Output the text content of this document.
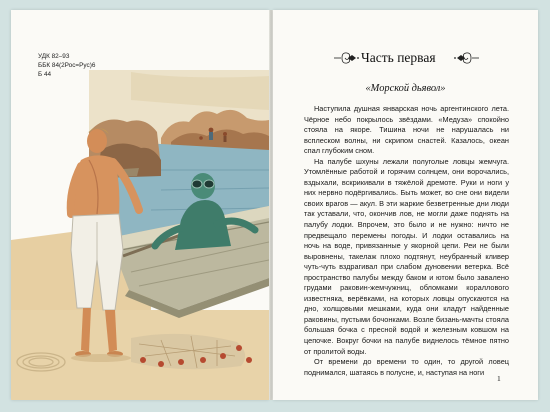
УДК 82–93
ББК 84(2Рос=Рус)6
Б 44
Часть первая
«Морской дьявол»

Наступила душная январская ночь аргентинского лета. Чёрное небо покрылось звёздами. «Медуза» спокойно стояла на якоре. Тишина ночи не нарушалась ни всплеском волны, ни скрипом снастей. Казалось, океан спал глубоким сном.

На палубе шхуны лежали полуголые ловцы жемчуга. Утомлённые работой и горячим солнцем, они ворочались, вздыхали, вскрикивали в тяжёлой дремоте. Руки и ноги у них нервно подёргивались. Быть может, во сне они видели своих врагов — акул. В эти жаркие безветренные дни люди так уставали, что, окончив лов, не могли даже поднять на палубу лодки. Впрочем, это было и не нужно: ничто не предвещало перемены погоды. И лодки оставались на ночь на воде, привязанные у якорной цепи. Реи не были выровнены, такелаж плохо подтянут, неубранный кливер чуть-чуть вздрагивал при слабом дуновении ветерка. Всё пространство палубы между баком и ютом было завалено грудами раковин-жемчужниц, обломками кораллового известняка, верёвками, на которых ловцы опускаются на дно, холщовыми мешками, куда они кладут найденные раковины, пустыми бочонками. Возле бизань-мачты стояла большая бочка с пресной водой и железным ковшом на цепочке. Вокруг бочки на палубе виднелось тёмное пятно от пролитой воды.

От времени до времени то один, то другой ловец поднимался, шатаясь в полусне, и, наступая на ноги

1
